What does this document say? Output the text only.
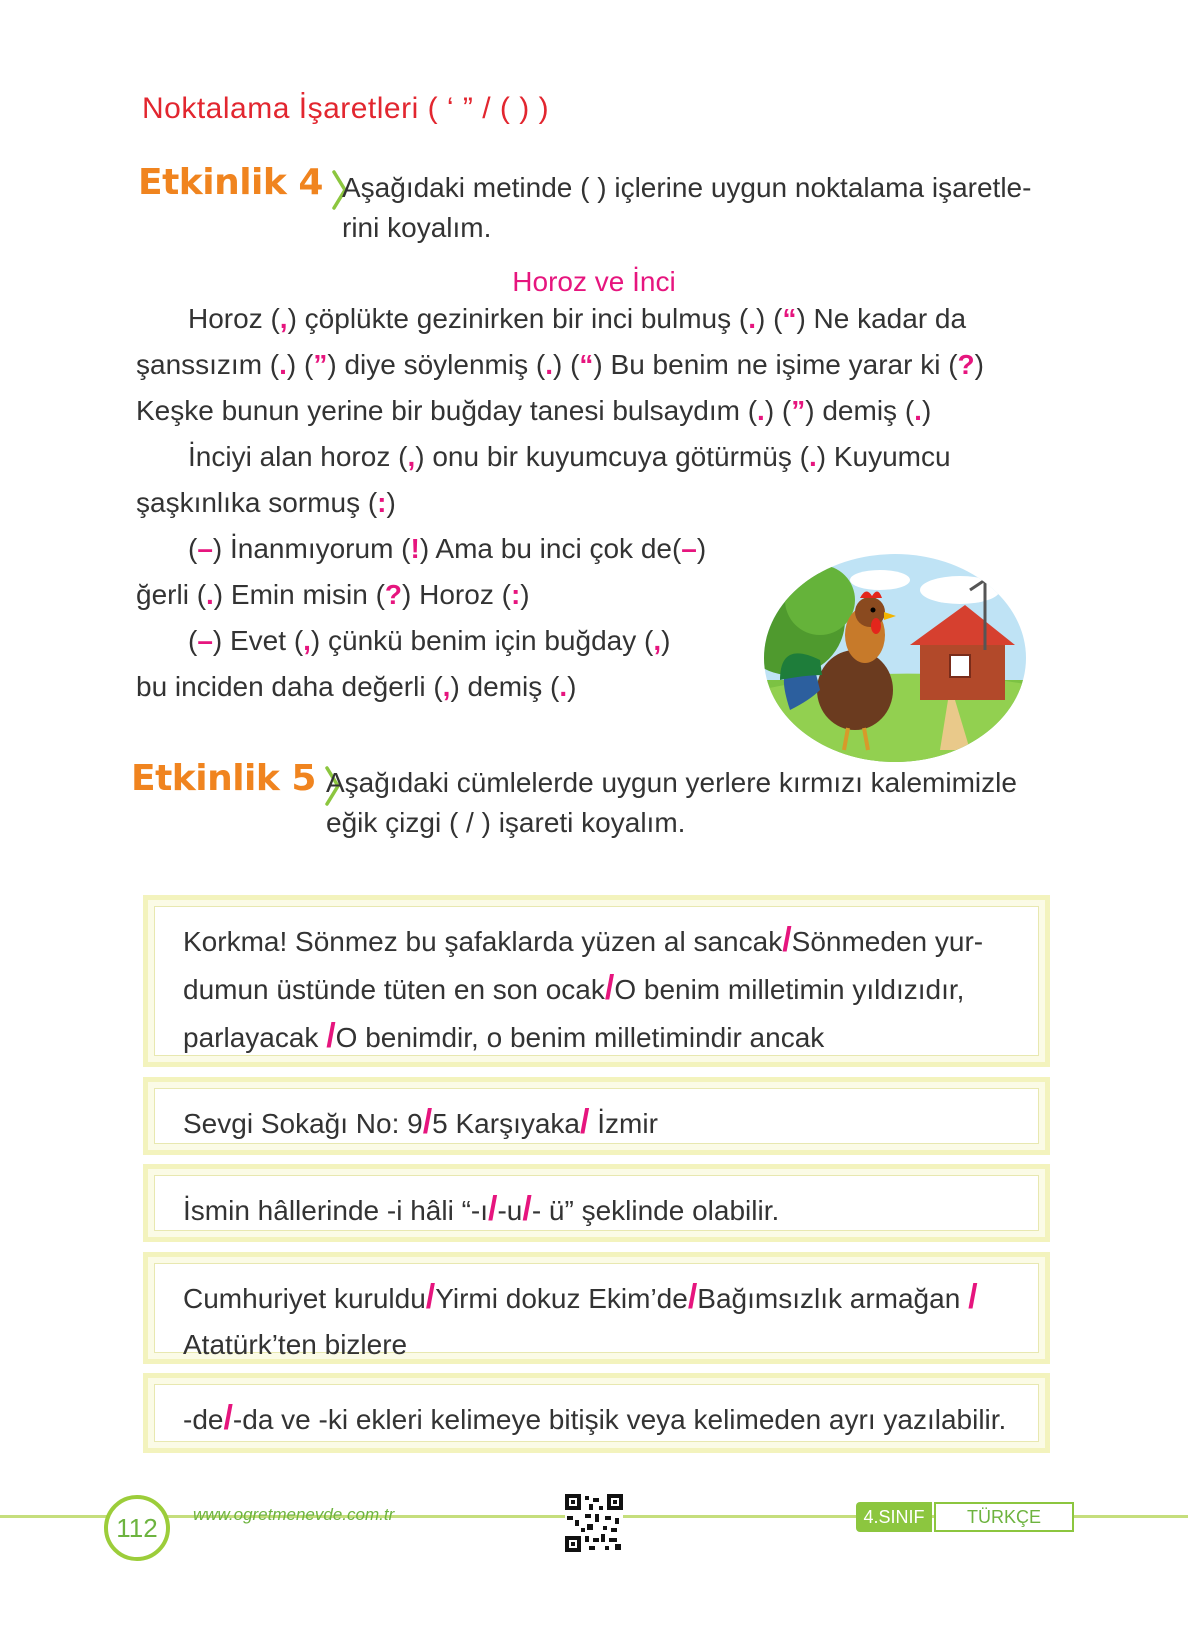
Noktalama İşaretleri ( ‘ ” / ( ) )
Etkinlik 4 Aşağıdaki metinde ( ) içlerine uygun noktalama işaretle-
rini koyalım.
Horoz ve İnci
Horoz (,) çöplükte gezinirken bir inci bulmuş (.) (“) Ne kadar da
şanssızım (.) (”) diye söylenmiş (.) (“) Bu benim ne işime yarar ki (?)
Keşke bunun yerine bir buğday tanesi bulsaydım (.) (”) demiş (.)
İnciyi alan horoz (,) onu bir kuyumcuya götürmüş (.) Kuyumcu
şaşkınlıka sormuş (:)
(–) İnanmıyorum (!) Ama bu inci çok de(–)
ğerli (.) Emin misin (?) Horoz (:)
(–) Evet (,) çünkü benim için buğday (,)
bu inciden daha değerli (,) demiş (.)
Etkinlik 5 Aşağıdaki cümlelerde uygun yerlere kırmızı kalemimizle
eğik çizgi ( / ) işareti koyalım.
Korkma! Sönmez bu şafaklarda yüzen al sancak/Sönmeden yur-
dumun üstünde tüten en son ocak/O benim milletimin yıldızıdır,
parlayacak /O benimdir, o benim milletimindir ancak
Sevgi Sokağı No: 9/5 Karşıyaka/ İzmir
İsmin hâllerinde -i hâli “-ı/-u/- ü” şeklinde olabilir.
Cumhuriyet kuruldu/Yirmi dokuz Ekim’de/Bağımsızlık armağan /
Atatürk’ten bizlere
-de/-da ve -ki ekleri kelimeye bitişik veya kelimeden ayrı yazılabilir.
112	www.ogretmenevde.com.tr	4.SINIF	TÜRKÇE
